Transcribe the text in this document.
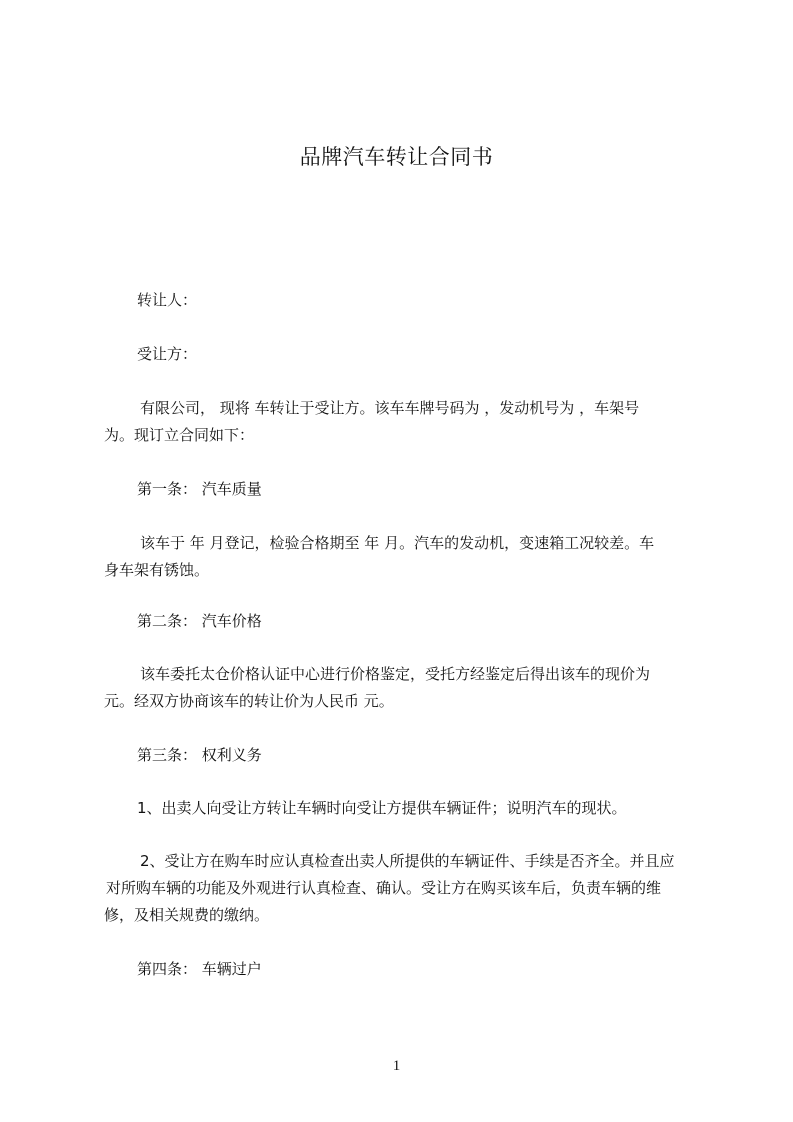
品牌汽车转让合同书
转让人：
受让方：
有限公司， 现将 车转让于受让方。该车车牌号码为 ，发动机号为 ，车架号
为。现订立合同如下：
第一条： 汽车质量
该车于 年 月登记，检验合格期至 年 月。汽车的发动机，变速箱工况较差。车
身车架有锈蚀。
第二条： 汽车价格
该车委托太仓价格认证中心进行价格鉴定，受托方经鉴定后得出该车的现价为
元。经双方协商该车的转让价为人民币 元。
第三条： 权利义务
1、出卖人向受让方转让车辆时向受让方提供车辆证件；说明汽车的现状。
2、受让方在购车时应认真检查出卖人所提供的车辆证件、手续是否齐全。并且应
对所购车辆的功能及外观进行认真检查、确认。受让方在购买该车后，负责车辆的维
修，及相关规费的缴纳。
第四条： 车辆过户
1
